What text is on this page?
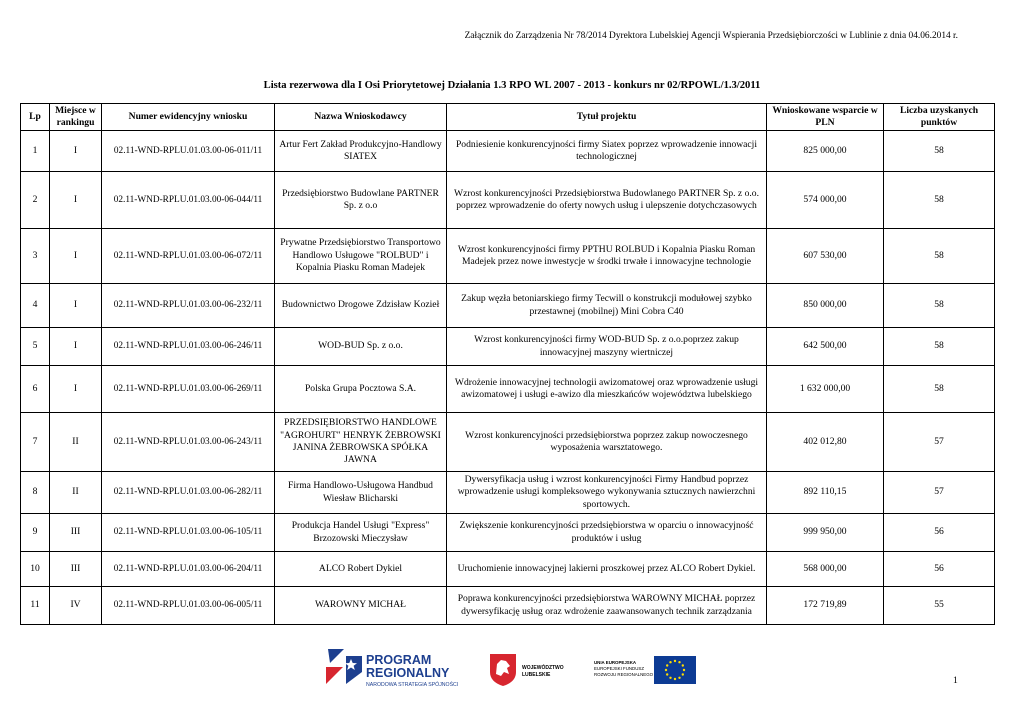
Załącznik do Zarządzenia Nr 78/2014 Dyrektora Lubelskiej Agencji Wspierania Przedsiębiorczości w Lublinie z dnia 04.06.2014 r.
Lista rezerwowa dla I Osi Priorytetowej Działania 1.3 RPO WL 2007 - 2013 - konkurs nr 02/RPOWL/1.3/2011
Lp	Miejsce w rankingu	Numer ewidencyjny wniosku	Nazwa Wnioskodawcy	Tytuł projektu	Wnioskowane wsparcie w PLN	Liczba uzyskanych punktów
1	I	02.11-WND-RPLU.01.03.00-06-011/11	Artur Fert Zakład Produkcyjno-Handlowy SIATEX	Podniesienie konkurencyjności firmy Siatex poprzez wprowadzenie innowacji technologicznej	825 000,00	58
2	I	02.11-WND-RPLU.01.03.00-06-044/11	Przedsiębiorstwo Budowlane PARTNER Sp. z o.o	Wzrost konkurencyjności Przedsiębiorstwa Budowlanego PARTNER Sp. z o.o. poprzez wprowadzenie do oferty nowych usług i ulepszenie dotychczasowych	574 000,00	58
3	I	02.11-WND-RPLU.01.03.00-06-072/11	Prywatne Przedsiębiorstwo Transportowo Handlowo Usługowe "ROLBUD" i Kopalnia Piasku Roman Madejek	Wzrost konkurencyjności firmy PPTHU ROLBUD i Kopalnia Piasku Roman Madejek przez nowe inwestycje w środki trwałe i innowacyjne technologie	607 530,00	58
4	I	02.11-WND-RPLU.01.03.00-06-232/11	Budownictwo Drogowe Zdzisław Kozieł	Zakup węzła betoniarskiego firmy Tecwill o konstrukcji modułowej szybko przestawnej (mobilnej) Mini Cobra C40	850 000,00	58
5	I	02.11-WND-RPLU.01.03.00-06-246/11	WOD-BUD Sp. z o.o.	Wzrost konkurencyjności firmy WOD-BUD Sp. z o.o.poprzez zakup innowacyjnej maszyny wiertniczej	642 500,00	58
6	I	02.11-WND-RPLU.01.03.00-06-269/11	Polska Grupa Pocztowa S.A.	Wdrożenie innowacyjnej technologii awizomatowej oraz wprowadzenie usługi awizomatowej i usługi e-awizo dla mieszkańców województwa lubelskiego	1 632 000,00	58
7	II	02.11-WND-RPLU.01.03.00-06-243/11	PRZEDSIĘBIORSTWO HANDLOWE "AGROHURT" HENRYK ŻEBROWSKI JANINA ŻEBROWSKA SPÓŁKA JAWNA	Wzrost konkurencyjności przedsiębiorstwa poprzez zakup nowoczesnego wyposażenia warsztatowego.	402 012,80	57
8	II	02.11-WND-RPLU.01.03.00-06-282/11	Firma Handlowo-Usługowa Handbud Wiesław Blicharski	Dywersyfikacja usług i wzrost konkurencyjności Firmy Handbud poprzez wprowadzenie usługi kompleksowego wykonywania sztucznych nawierzchni sportowych.	892 110,15	57
9	III	02.11-WND-RPLU.01.03.00-06-105/11	Produkcja Handel Usługi "Express" Brzozowski Mieczysław	Zwiększenie konkurencyjności przedsiębiorstwa w oparciu o innowacyjność produktów i usług	999 950,00	56
10	III	02.11-WND-RPLU.01.03.00-06-204/11	ALCO Robert Dykiel	Uruchomienie innowacyjnej lakierni proszkowej przez ALCO Robert Dykiel.	568 000,00	56
11	IV	02.11-WND-RPLU.01.03.00-06-005/11	WAROWNY MICHAŁ	Poprawa konkurencyjności przedsiębiorstwa WAROWNY MICHAŁ poprzez dywersyfikację usług oraz wdrożenie zaawansowanych technik zarządzania	172 719,89	55
PROGRAM
REGIONALNY
NARODOWA STRATEGIA SPÓJNOŚCI
WOJEWÓDZTWO
LUBELSKIE
UNIA EUROPEJSKA
EUROPEJSKI FUNDUSZ
ROZWOJU REGIONALNEGO
1
